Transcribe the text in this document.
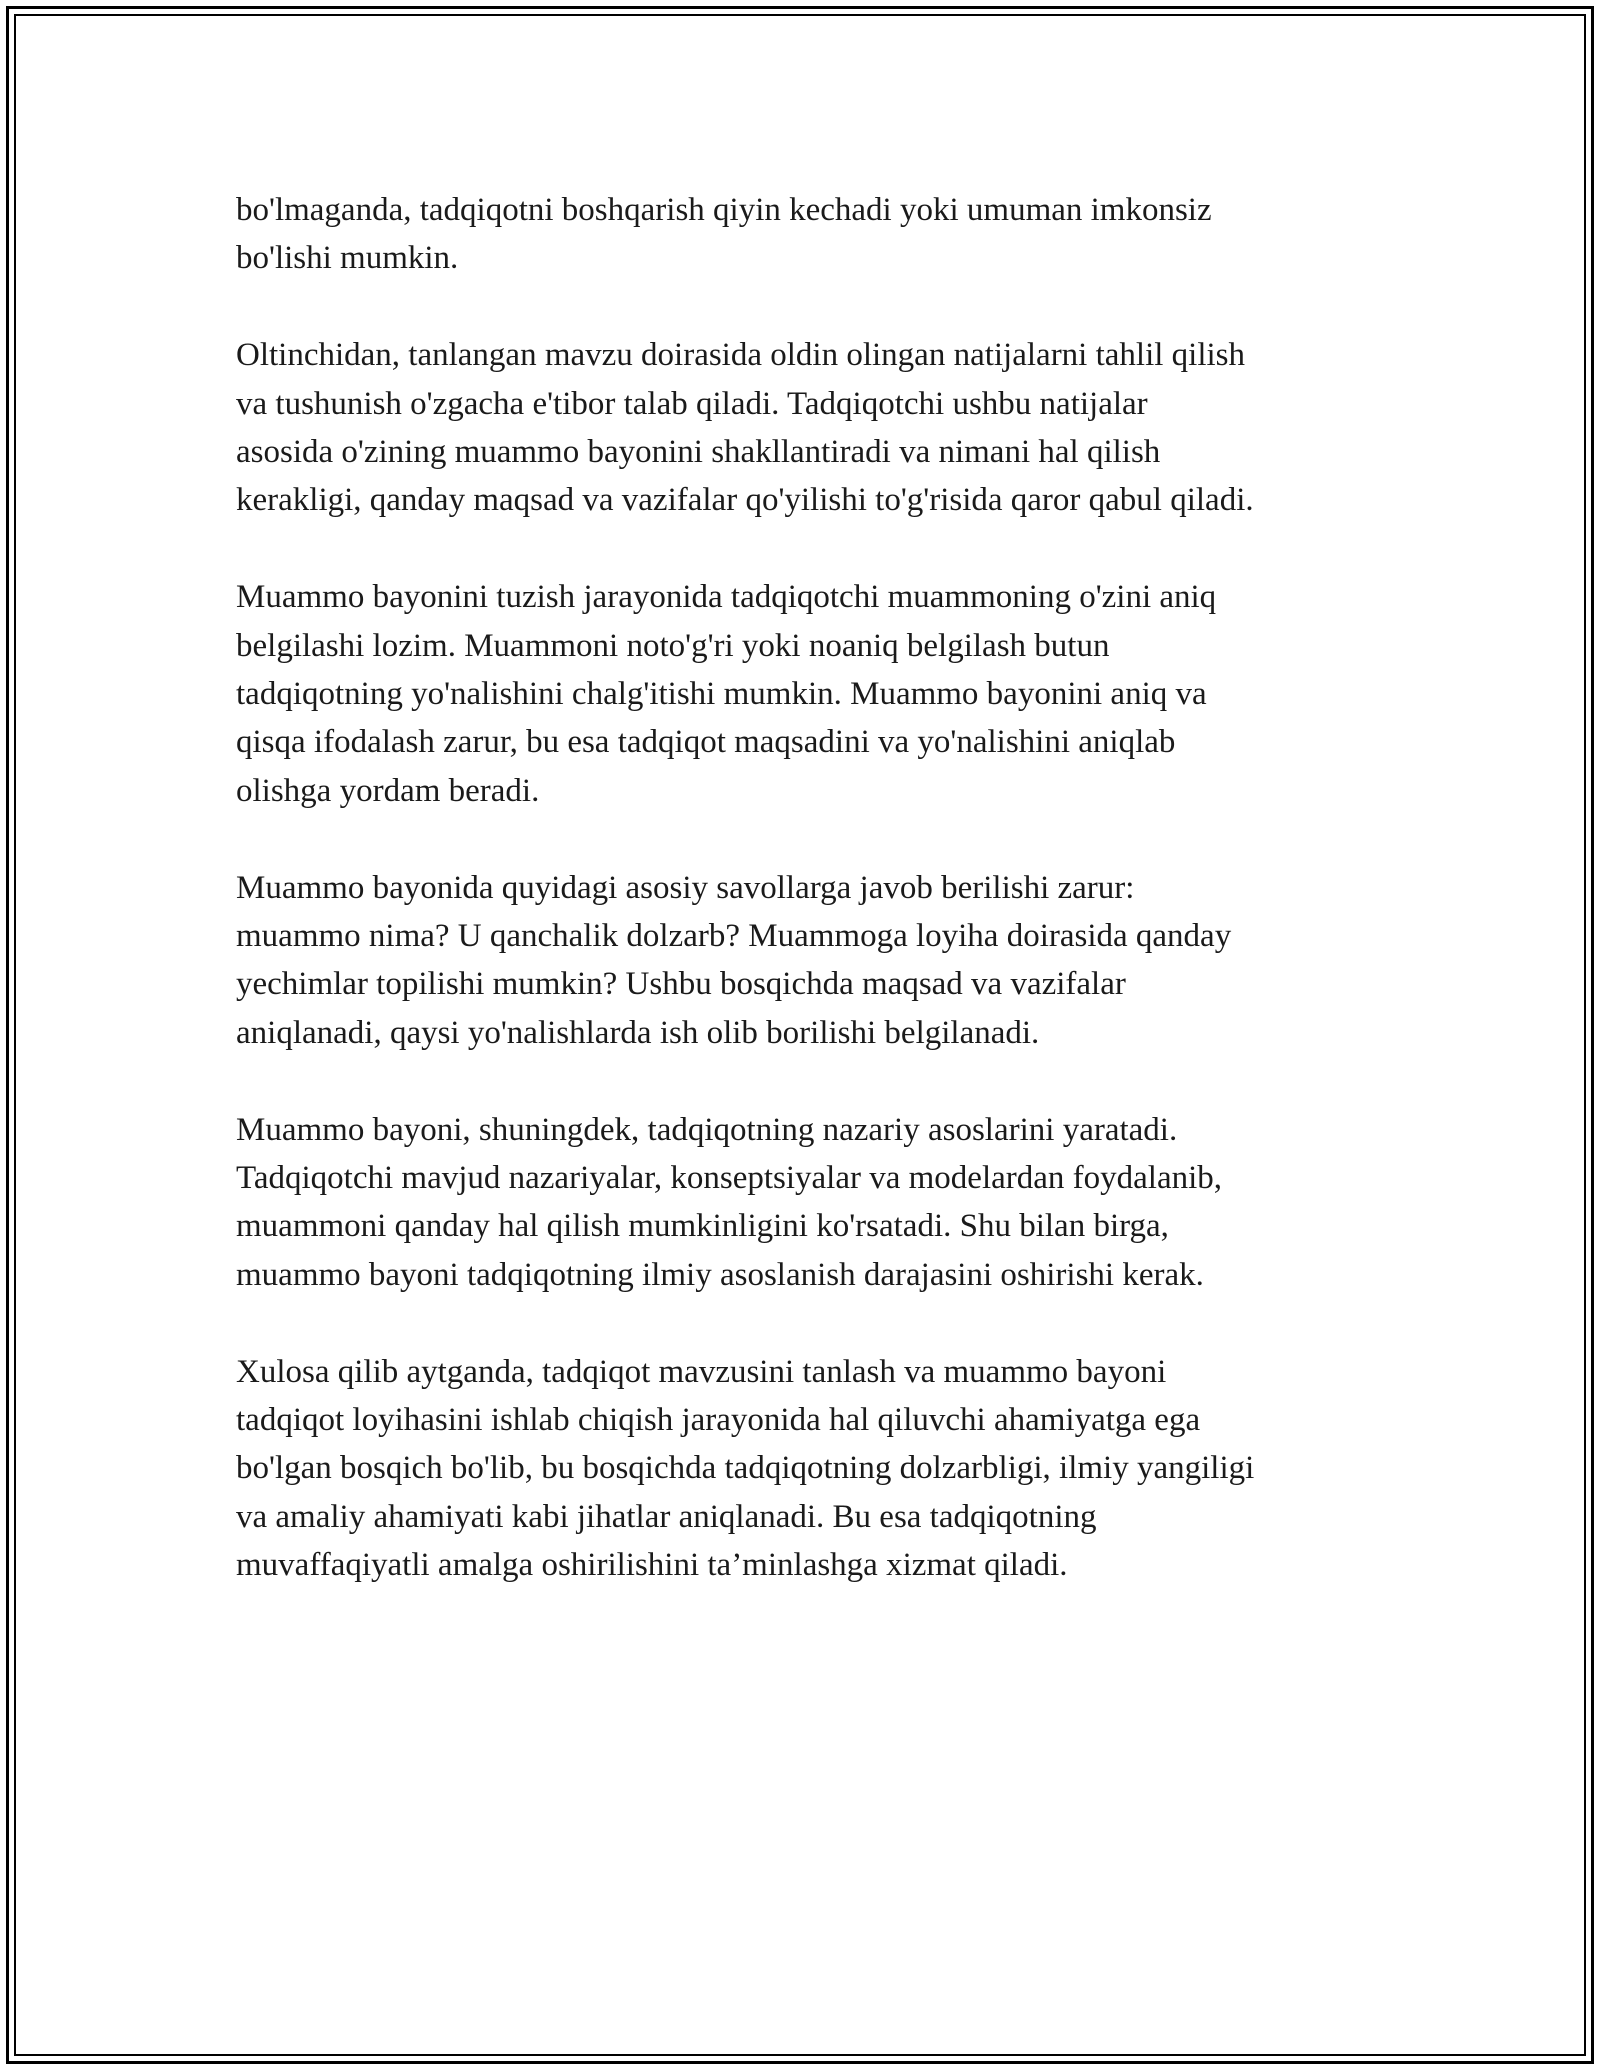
bo'lmaganda, tadqiqotni boshqarish qiyin kechadi yoki umuman imkonsiz
bo'lishi mumkin.

Oltinchidan, tanlangan mavzu doirasida oldin olingan natijalarni tahlil qilish
va tushunish o'zgacha e'tibor talab qiladi. Tadqiqotchi ushbu natijalar
asosida o'zining muammo bayonini shakllantiradi va nimani hal qilish
kerakligi, qanday maqsad va vazifalar qo'yilishi to'g'risida qaror qabul qiladi.

Muammo bayonini tuzish jarayonida tadqiqotchi muammoning o'zini aniq
belgilashi lozim. Muammoni noto'g'ri yoki noaniq belgilash butun
tadqiqotning yo'nalishini chalg'itishi mumkin. Muammo bayonini aniq va
qisqa ifodalash zarur, bu esa tadqiqot maqsadini va yo'nalishini aniqlab
olishga yordam beradi.

Muammo bayonida quyidagi asosiy savollarga javob berilishi zarur:
muammo nima? U qanchalik dolzarb? Muammoga loyiha doirasida qanday
yechimlar topilishi mumkin? Ushbu bosqichda maqsad va vazifalar
aniqlanadi, qaysi yo'nalishlarda ish olib borilishi belgilanadi.

Muammo bayoni, shuningdek, tadqiqotning nazariy asoslarini yaratadi.
Tadqiqotchi mavjud nazariyalar, konseptsiyalar va modelardan foydalanib,
muammoni qanday hal qilish mumkinligini ko'rsatadi. Shu bilan birga,
muammo bayoni tadqiqotning ilmiy asoslanish darajasini oshirishi kerak.

Xulosa qilib aytganda, tadqiqot mavzusini tanlash va muammo bayoni
tadqiqot loyihasini ishlab chiqish jarayonida hal qiluvchi ahamiyatga ega
bo'lgan bosqich bo'lib, bu bosqichda tadqiqotning dolzarbligi, ilmiy yangiligi
va amaliy ahamiyati kabi jihatlar aniqlanadi. Bu esa tadqiqotning
muvaffaqiyatli amalga oshirilishini ta’minlashga xizmat qiladi.
